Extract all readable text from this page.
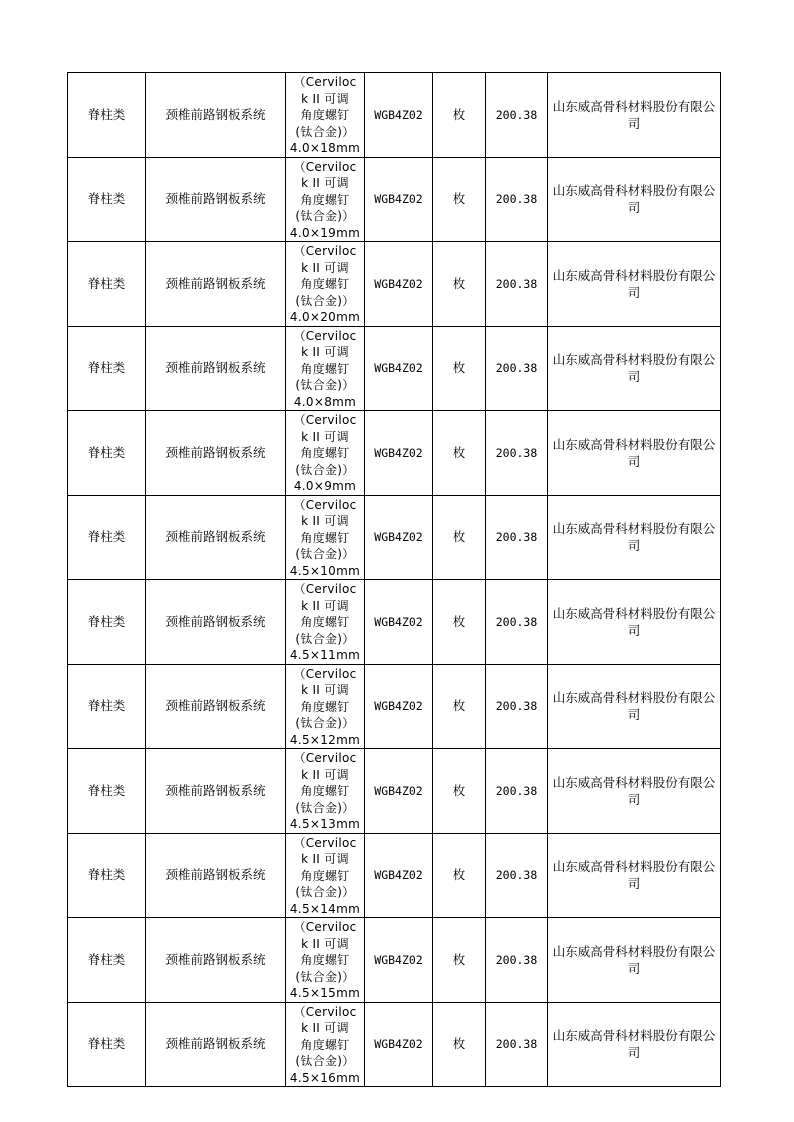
脊柱类	颈椎前路钢板系统	（Cerviloc
k II 可调
角度螺钉
(钛合金)）
4.0×18mm	WGB4Z02	枚	200.38	山东威高骨科材料股份有限公司
脊柱类	颈椎前路钢板系统	（Cerviloc
k II 可调
角度螺钉
(钛合金)）
4.0×19mm	WGB4Z02	枚	200.38	山东威高骨科材料股份有限公司
脊柱类	颈椎前路钢板系统	（Cerviloc
k II 可调
角度螺钉
(钛合金)）
4.0×20mm	WGB4Z02	枚	200.38	山东威高骨科材料股份有限公司
脊柱类	颈椎前路钢板系统	（Cerviloc
k II 可调
角度螺钉
(钛合金)）
4.0×8mm	WGB4Z02	枚	200.38	山东威高骨科材料股份有限公司
脊柱类	颈椎前路钢板系统	（Cerviloc
k II 可调
角度螺钉
(钛合金)）
4.0×9mm	WGB4Z02	枚	200.38	山东威高骨科材料股份有限公司
脊柱类	颈椎前路钢板系统	（Cerviloc
k II 可调
角度螺钉
(钛合金)）
4.5×10mm	WGB4Z02	枚	200.38	山东威高骨科材料股份有限公司
脊柱类	颈椎前路钢板系统	（Cerviloc
k II 可调
角度螺钉
(钛合金)）
4.5×11mm	WGB4Z02	枚	200.38	山东威高骨科材料股份有限公司
脊柱类	颈椎前路钢板系统	（Cerviloc
k II 可调
角度螺钉
(钛合金)）
4.5×12mm	WGB4Z02	枚	200.38	山东威高骨科材料股份有限公司
脊柱类	颈椎前路钢板系统	（Cerviloc
k II 可调
角度螺钉
(钛合金)）
4.5×13mm	WGB4Z02	枚	200.38	山东威高骨科材料股份有限公司
脊柱类	颈椎前路钢板系统	（Cerviloc
k II 可调
角度螺钉
(钛合金)）
4.5×14mm	WGB4Z02	枚	200.38	山东威高骨科材料股份有限公司
脊柱类	颈椎前路钢板系统	（Cerviloc
k II 可调
角度螺钉
(钛合金)）
4.5×15mm	WGB4Z02	枚	200.38	山东威高骨科材料股份有限公司
脊柱类	颈椎前路钢板系统	（Cerviloc
k II 可调
角度螺钉
(钛合金)）
4.5×16mm	WGB4Z02	枚	200.38	山东威高骨科材料股份有限公司
